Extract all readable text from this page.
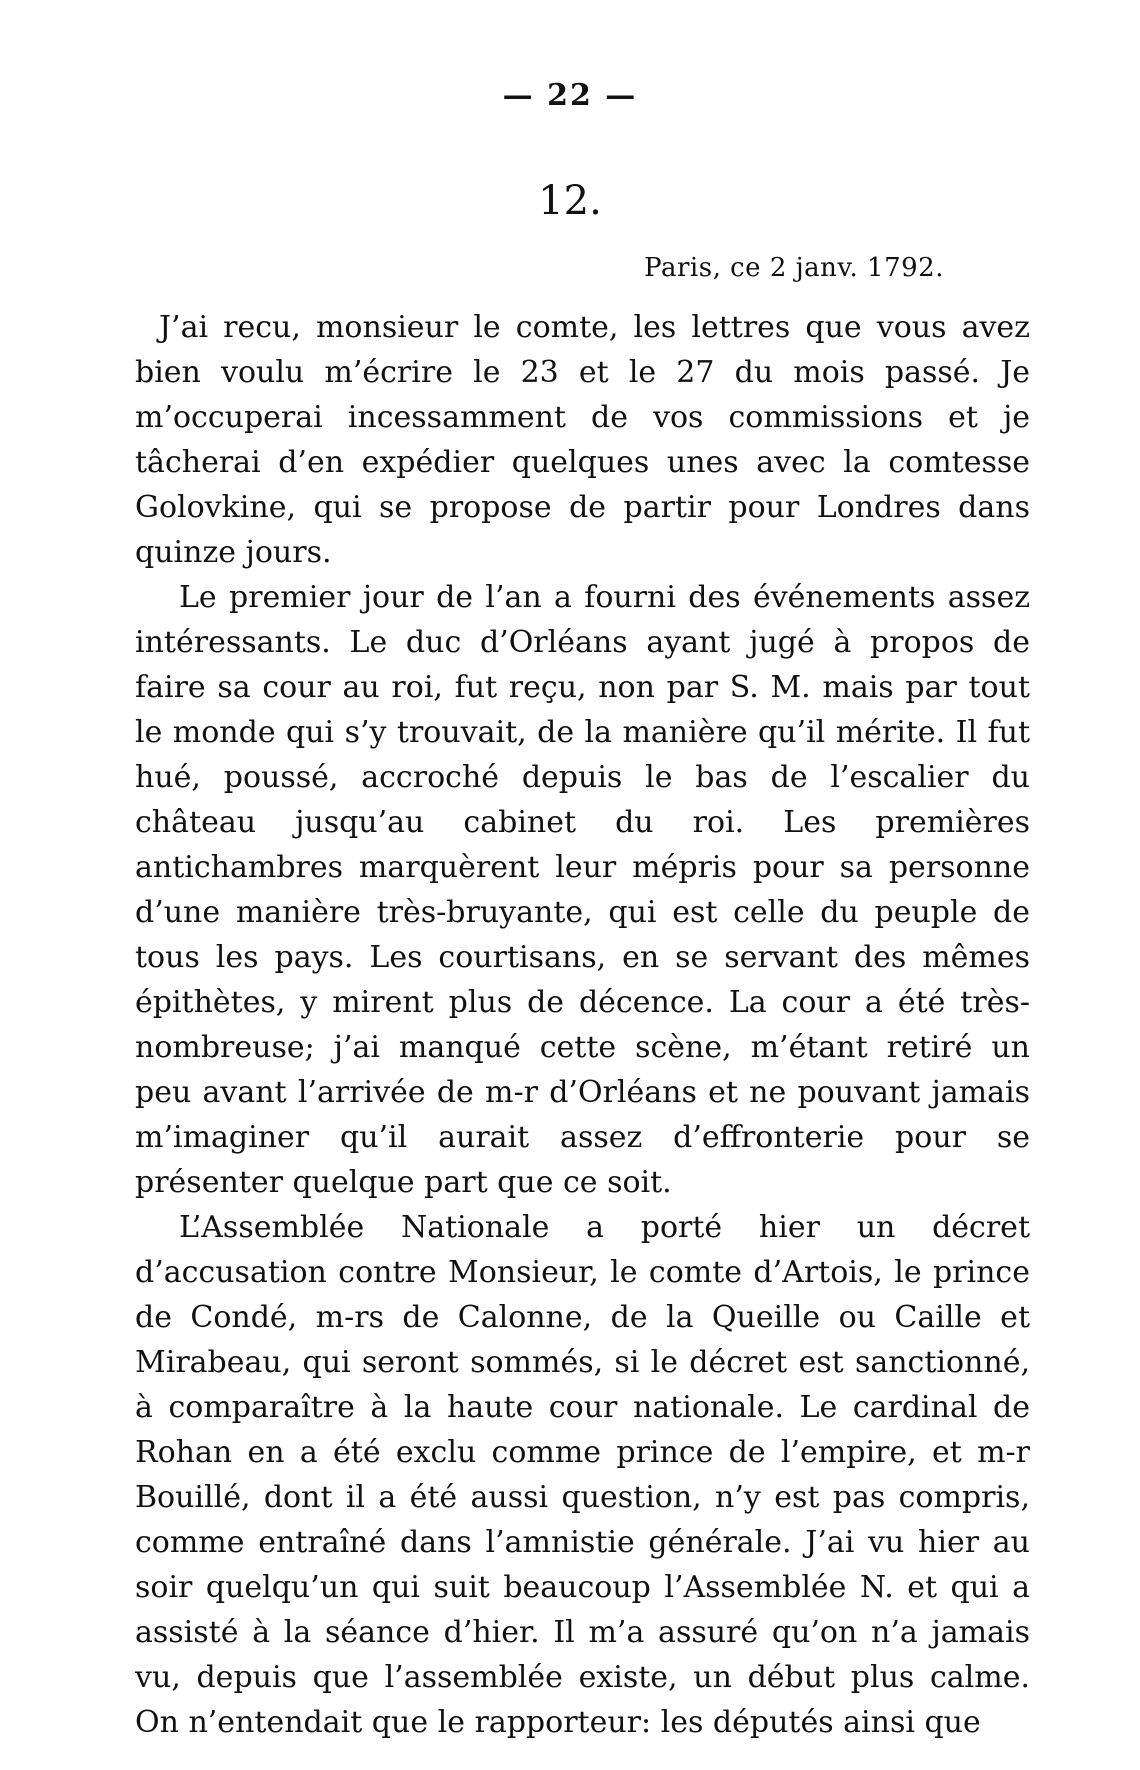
— 22 —
12.
Paris, ce 2 janv. 1792.

J’ai recu, monsieur le comte, les lettres que vous avez bien voulu m’écrire le 23 et le 27 du mois passé. Je m’occuperai incessamment de vos commissions et je tâcherai d’en expédier quelques unes avec la comtesse Golovkine, qui se propose de partir pour Londres dans quinze jours.

Le premier jour de l’an a fourni des événements assez intéressants. Le duc d’Orléans ayant jugé à propos de faire sa cour au roi, fut reçu, non par S. M. mais par tout le monde qui s’y trouvait, de la manière qu’il mérite. Il fut hué, poussé, accroché depuis le bas de l’escalier du château jusqu’au cabinet du roi. Les premières antichambres marquèrent leur mépris pour sa personne d’une manière très-bruyante, qui est celle du peuple de tous les pays. Les courtisans, en se servant des mêmes épithètes, y mirent plus de décence. La cour a été très-nombreuse; j’ai manqué cette scène, m’étant retiré un peu avant l’arrivée de m-r d’Orléans et ne pouvant jamais m’imaginer qu’il aurait assez d’effronterie pour se présenter quelque part que ce soit.

L’Assemblée Nationale a porté hier un décret d’accusation contre Monsieur, le comte d’Artois, le prince de Condé, m-rs de Calonne, de la Queille ou Caille et Mirabeau, qui seront sommés, si le décret est sanctionné, à comparaître à la haute cour nationale. Le cardinal de Rohan en a été exclu comme prince de l’empire, et m-r Bouillé, dont il a été aussi question, n’y est pas compris, comme entraîné dans l’amnistie générale. J’ai vu hier au soir quelqu’un qui suit beaucoup l’Assemblée N. et qui a assisté à la séance d’hier. Il m’a assuré qu’on n’a jamais vu, depuis que l’assemblée existe, un début plus calme. On n’entendait que le rapporteur: les députés ainsi que
